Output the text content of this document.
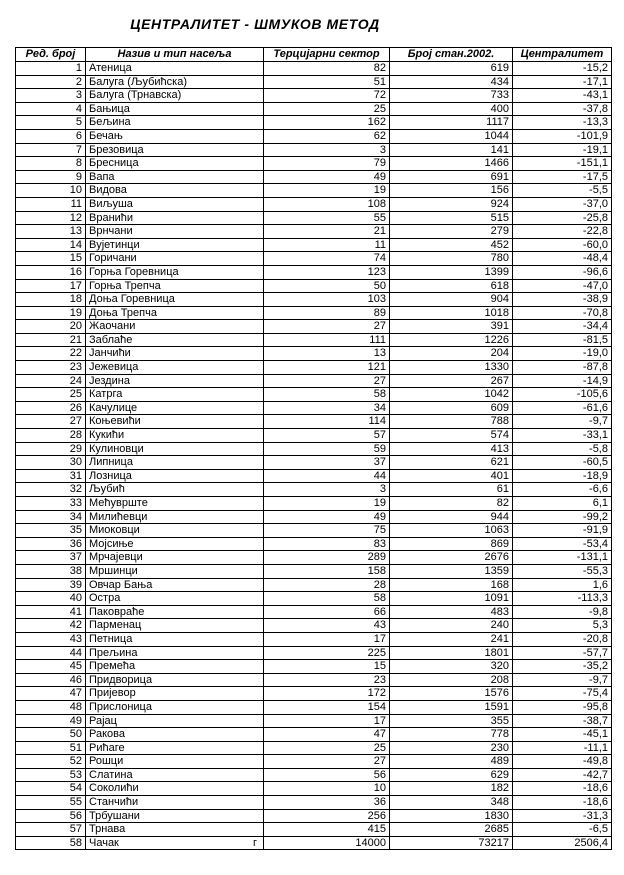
ЦЕНТРАЛИТЕТ - ШМУКОВ МЕТОД
Ред. број	Назив и тип насеља	Терцијарни сектор	Број стан.2002.	Централитет
1	Атеница	82	619	-15,2
2	Балуга (Љубићска)	51	434	-17,1
3	Балуга (Трнавска)	72	733	-43,1
4	Бањица	25	400	-37,8
5	Бељина	162	1117	-13,3
6	Бечањ	62	1044	-101,9
7	Брезовица	3	141	-19,1
8	Бресница	79	1466	-151,1
9	Вапа	49	691	-17,5
10	Видова	19	156	-5,5
11	Виљуша	108	924	-37,0
12	Враниħи	55	515	-25,8
13	Врнчани	21	279	-22,8
14	Вујетинци	11	452	-60,0
15	Горичани	74	780	-48,4
16	Горња Горевница	123	1399	-96,6
17	Горња Трепча	50	618	-47,0
18	Доња Горевница	103	904	-38,9
19	Доња Трепча	89	1018	-70,8
20	Жаочани	27	391	-34,4
21	Заблаħе	111	1226	-81,5
22	Јанчиħи	13	204	-19,0
23	Јежевица	121	1330	-87,8
24	Јездина	27	267	-14,9
25	Катрга	58	1042	-105,6
26	Качулице	34	609	-61,6
27	Коњевиħи	114	788	-9,7
28	Кукиħи	57	574	-33,1
29	Кулиновци	59	413	-5,8
30	Липница	37	621	-60,5
31	Лозница	44	401	-18,9
32	Љубиħ	3	61	-6,6
33	Меħуврште	19	82	6,1
34	Милиħевци	49	944	-99,2
35	Миоковци	75	1063	-91,9
36	Мојсиње	83	869	-53,4
37	Мрчајевци	289	2676	-131,1
38	Мршинци	158	1359	-55,3
39	Овчар Бања	28	168	1,6
40	Остра	58	1091	-113,3
41	Паковраħе	66	483	-9,8
42	Парменац	43	240	5,3
43	Петница	17	241	-20,8
44	Прељина	225	1801	-57,7
45	Премеħа	15	320	-35,2
46	Придворица	23	208	-9,7
47	Пријевор	172	1576	-75,4
48	Прислоница	154	1591	-95,8
49	Рајац	17	355	-38,7
50	Ракова	47	778	-45,1
51	Риħаге	25	230	-11,1
52	Рошци	27	489	-49,8
53	Слатина	56	629	-42,7
54	Соколиħи	10	182	-18,6
55	Станчиħи	36	348	-18,6
56	Трбушани	256	1830	-31,3
57	Трнава	415	2685	-6,5
58	Чачак г	14000	73217	2506,4
